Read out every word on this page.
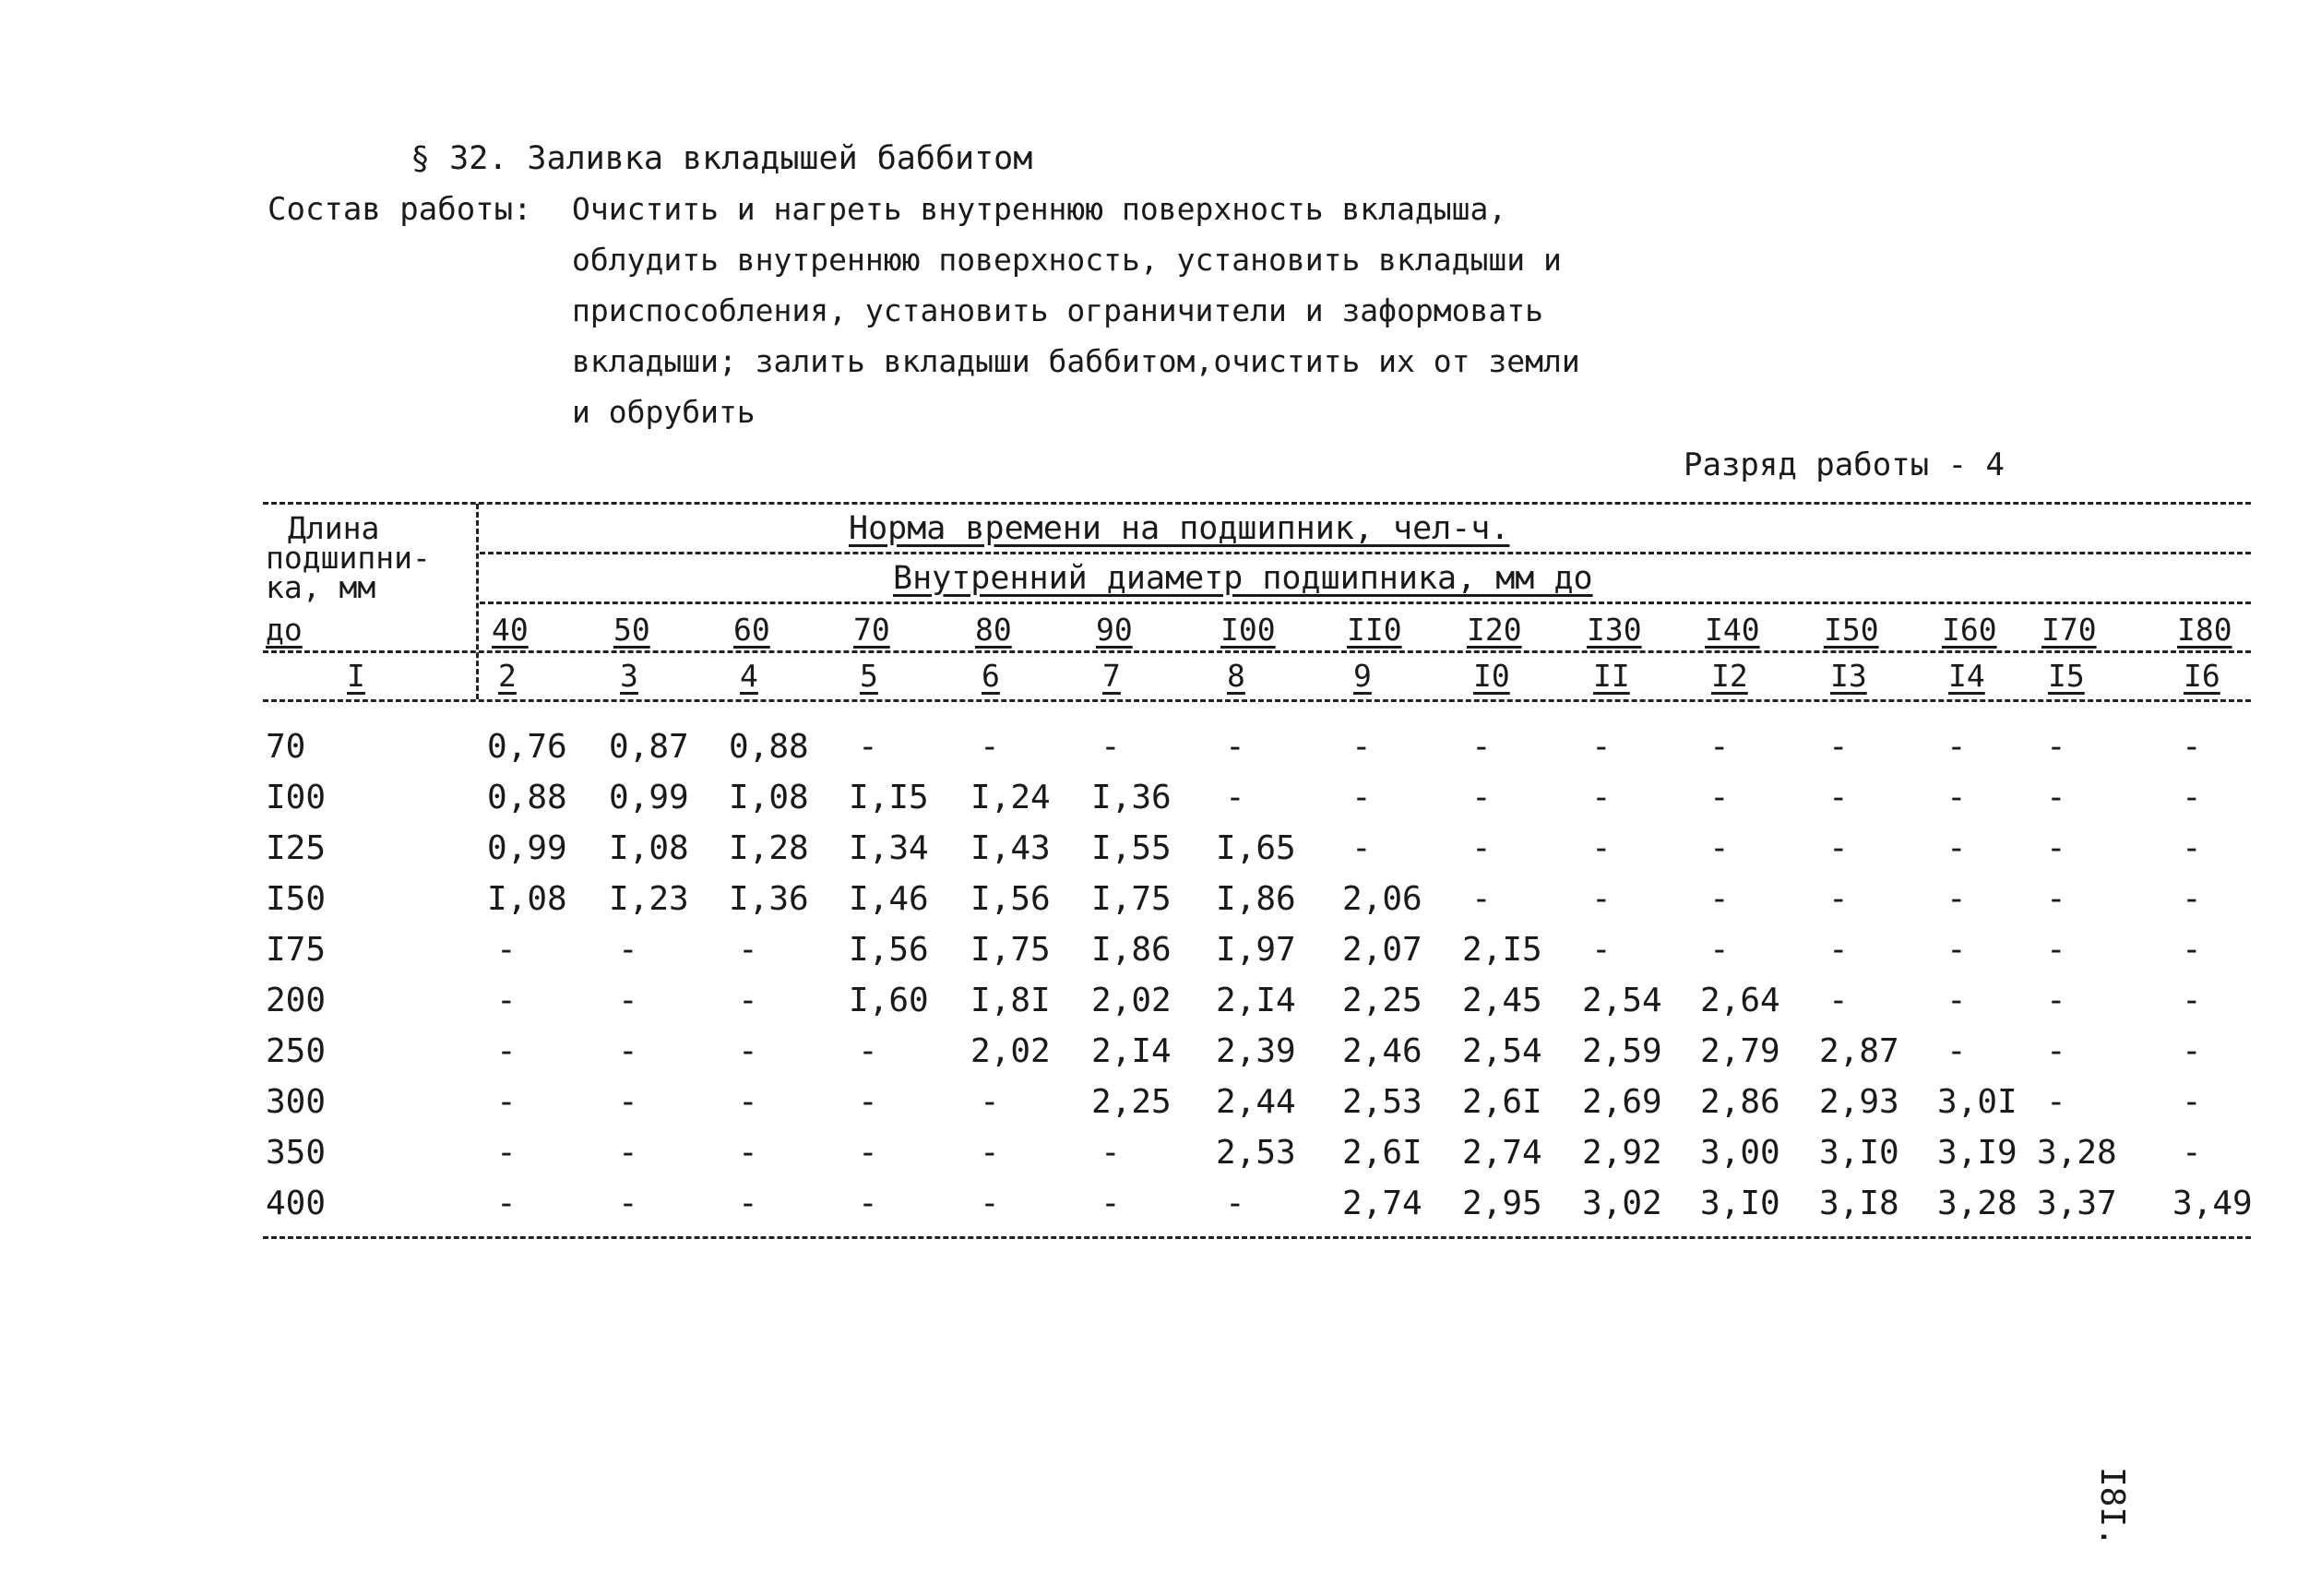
§ 32. Заливка вкладышей баббитом
Состав работы: Очистить и нагреть внутреннюю поверхность вкладыша,
облудить внутреннюю поверхность, установить вкладыши и
приспособления, установить ограничители и заформовать
вкладыши; залить вкладыши баббитом,очистить их от земли
и обрубить
Разряд работы - 4
Длина
подшипни-
ка, мм
до
I
Норма времени на подшипник, чел-ч.
Внутренний диаметр подшипника, мм до
40	50	60	70	80	90	I00 II0 I20 I30 I40 I50 I60 I70	I80
2	3	4	5	6	7	8	9	I0	II	I2	I3	I4 I5	I6
70	0,76 0,87 0,88 -	-	-	-	-	-	-	-	-	- -	-
I00	0,88 0,99 I,08 I,I5 I,24 I,36 -	-	-	-	-	-	- -	-
I25	0,99 I,08 I,28 I,34 I,43 I,55 I,65 -	-	-	-	-	- -	-
I50	I,08 I,23 I,36 I,46 I,56 I,75 I,86 2,06 -	-	-	-	- -	-
I75	-	-	-	I,56 I,75 I,86 I,97 2,07 2,I5 -	-	-	- -	-
200	-	-	-	I,60 I,8I 2,02 2,I4 2,25 2,45 2,54 2,64 -	- -	-
250	-	-	-	-	2,02 2,I4 2,39 2,46 2,54 2,59 2,79 2,87 - -	-
300	-	-	-	-	-	2,25 2,44 2,53 2,6I 2,69 2,86 2,93 3,0I -	-
350	-	-	-	-	-	-	2,53 2,6I 2,74 2,92 3,00 3,I0 3,I9 3,28 -
400	-	-	-	-	-	-	-	2,74 2,95 3,02 3,I0 3,I8 3,28 3,37 3,49
I8I.
